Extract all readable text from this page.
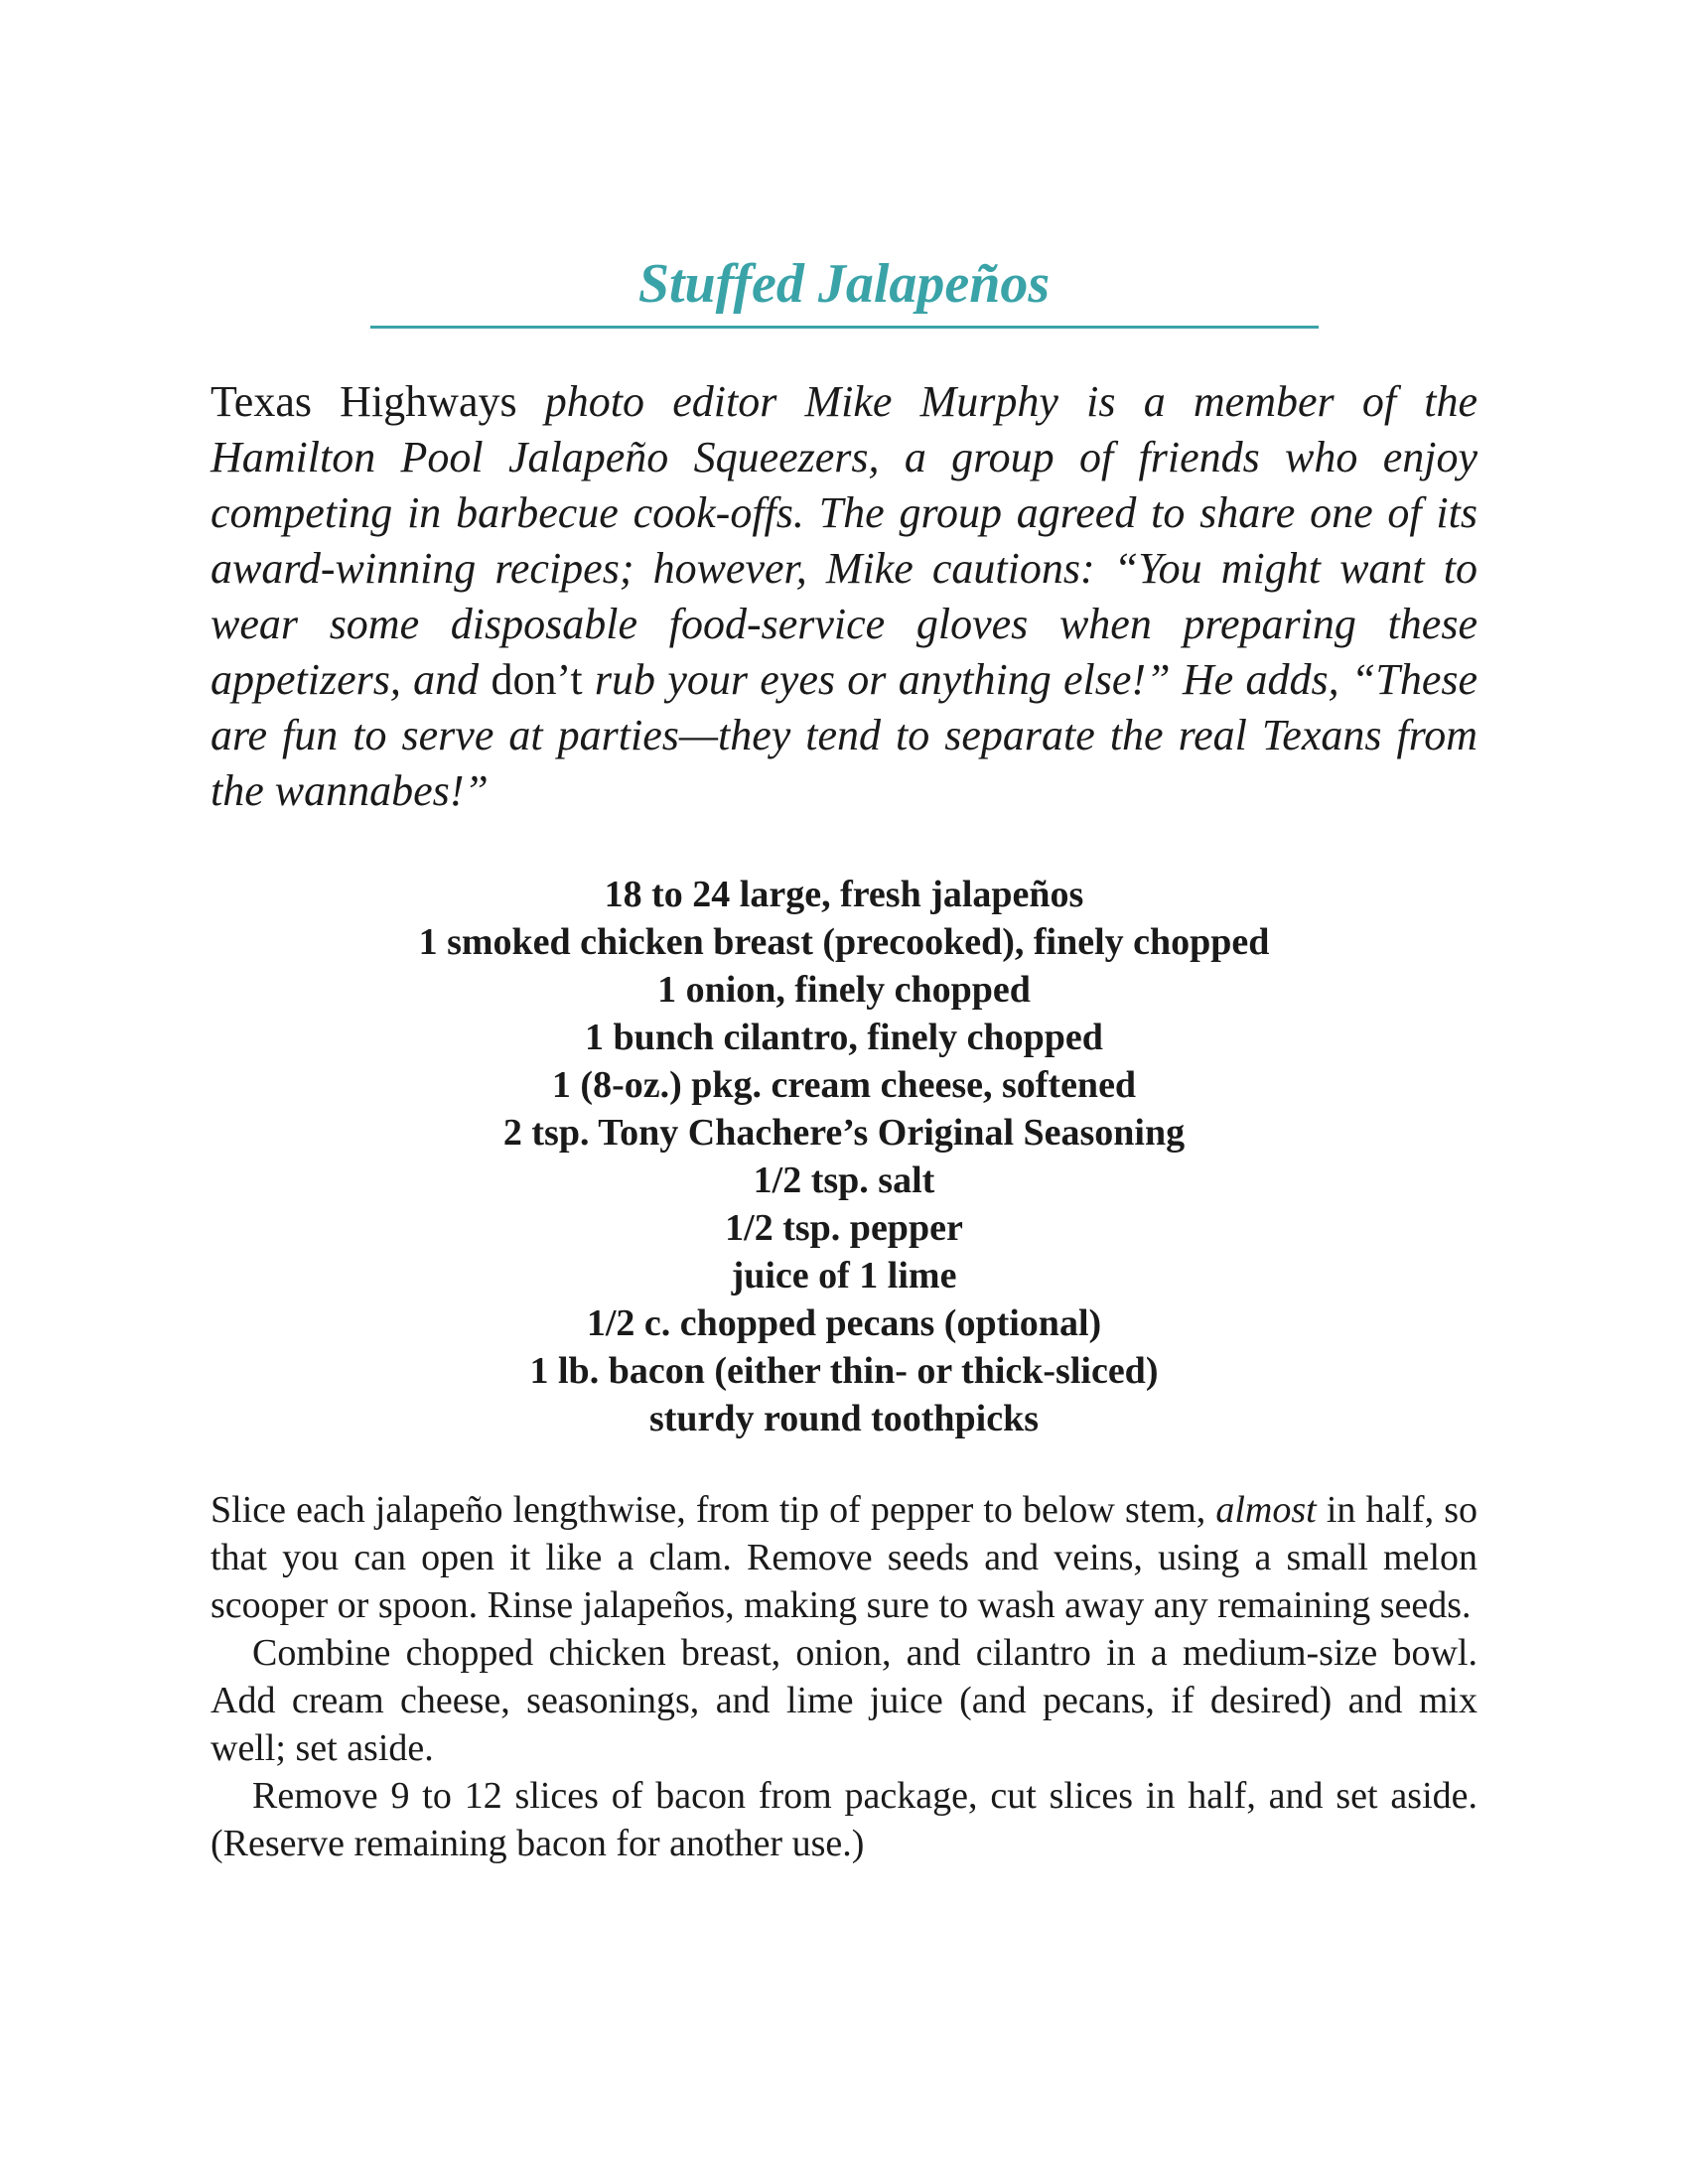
Stuffed Jalapeños

Texas Highways photo editor Mike Murphy is a member of the Hamilton Pool Jalapeño Squeezers, a group of friends who enjoy competing in barbecue cook-offs. The group agreed to share one of its award-winning recipes; however, Mike cautions: “You might want to wear some disposable food-service gloves when preparing these appetizers, and don’t rub your eyes or anything else!” He adds, “These are fun to serve at parties—they tend to separate the real Texans from the wannabes!”

18 to 24 large, fresh jalapeños
1 smoked chicken breast (precooked), finely chopped
1 onion, finely chopped
1 bunch cilantro, finely chopped
1 (8-oz.) pkg. cream cheese, softened
2 tsp. Tony Chachere’s Original Seasoning
1/2 tsp. salt
1/2 tsp. pepper
juice of 1 lime
1/2 c. chopped pecans (optional)
1 lb. bacon (either thin- or thick-sliced)
sturdy round toothpicks

Slice each jalapeño lengthwise, from tip of pepper to below stem, almost in half, so that you can open it like a clam. Remove seeds and veins, using a small melon scooper or spoon. Rinse jalapeños, making sure to wash away any remaining seeds.

Combine chopped chicken breast, onion, and cilantro in a medium-size bowl. Add cream cheese, seasonings, and lime juice (and pecans, if desired) and mix well; set aside.

Remove 9 to 12 slices of bacon from package, cut slices in half, and set aside. (Reserve remaining bacon for another use.)
